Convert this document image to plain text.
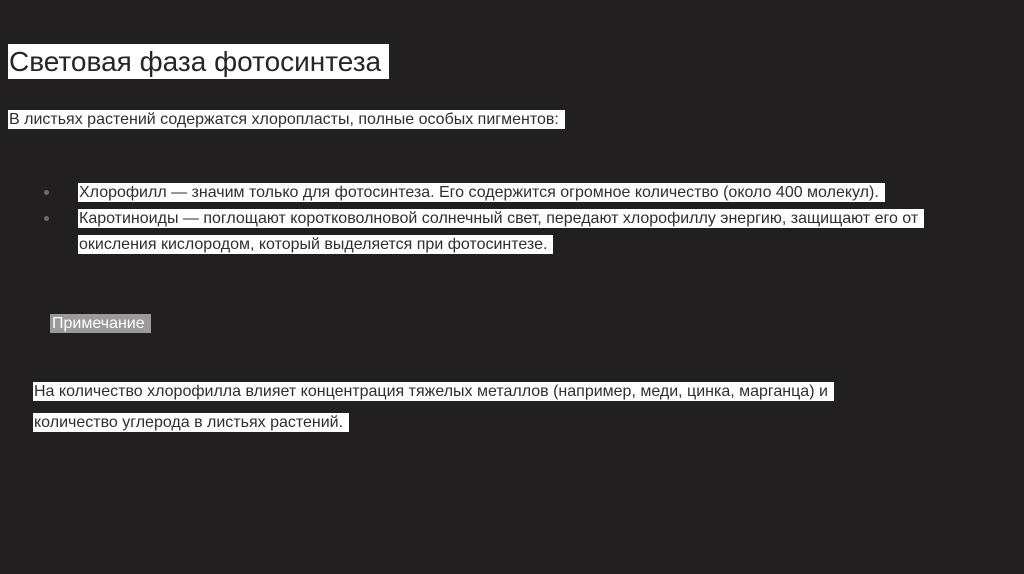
Световая фаза фотосинтеза
В листьях растений содержатся хлоропласты, полные особых пигментов:
Хлорофилл — значим только для фотосинтеза. Его содержится огромное количество (около 400 молекул).
Каротиноиды — поглощают коротковолновой солнечный свет, передают хлорофиллу энергию, защищают его от окисления кислородом, который выделяется при фотосинтезе.
Примечание
На количество хлорофилла влияет концентрация тяжелых металлов (например, меди, цинка, марганца) и количество углерода в листьях растений.
